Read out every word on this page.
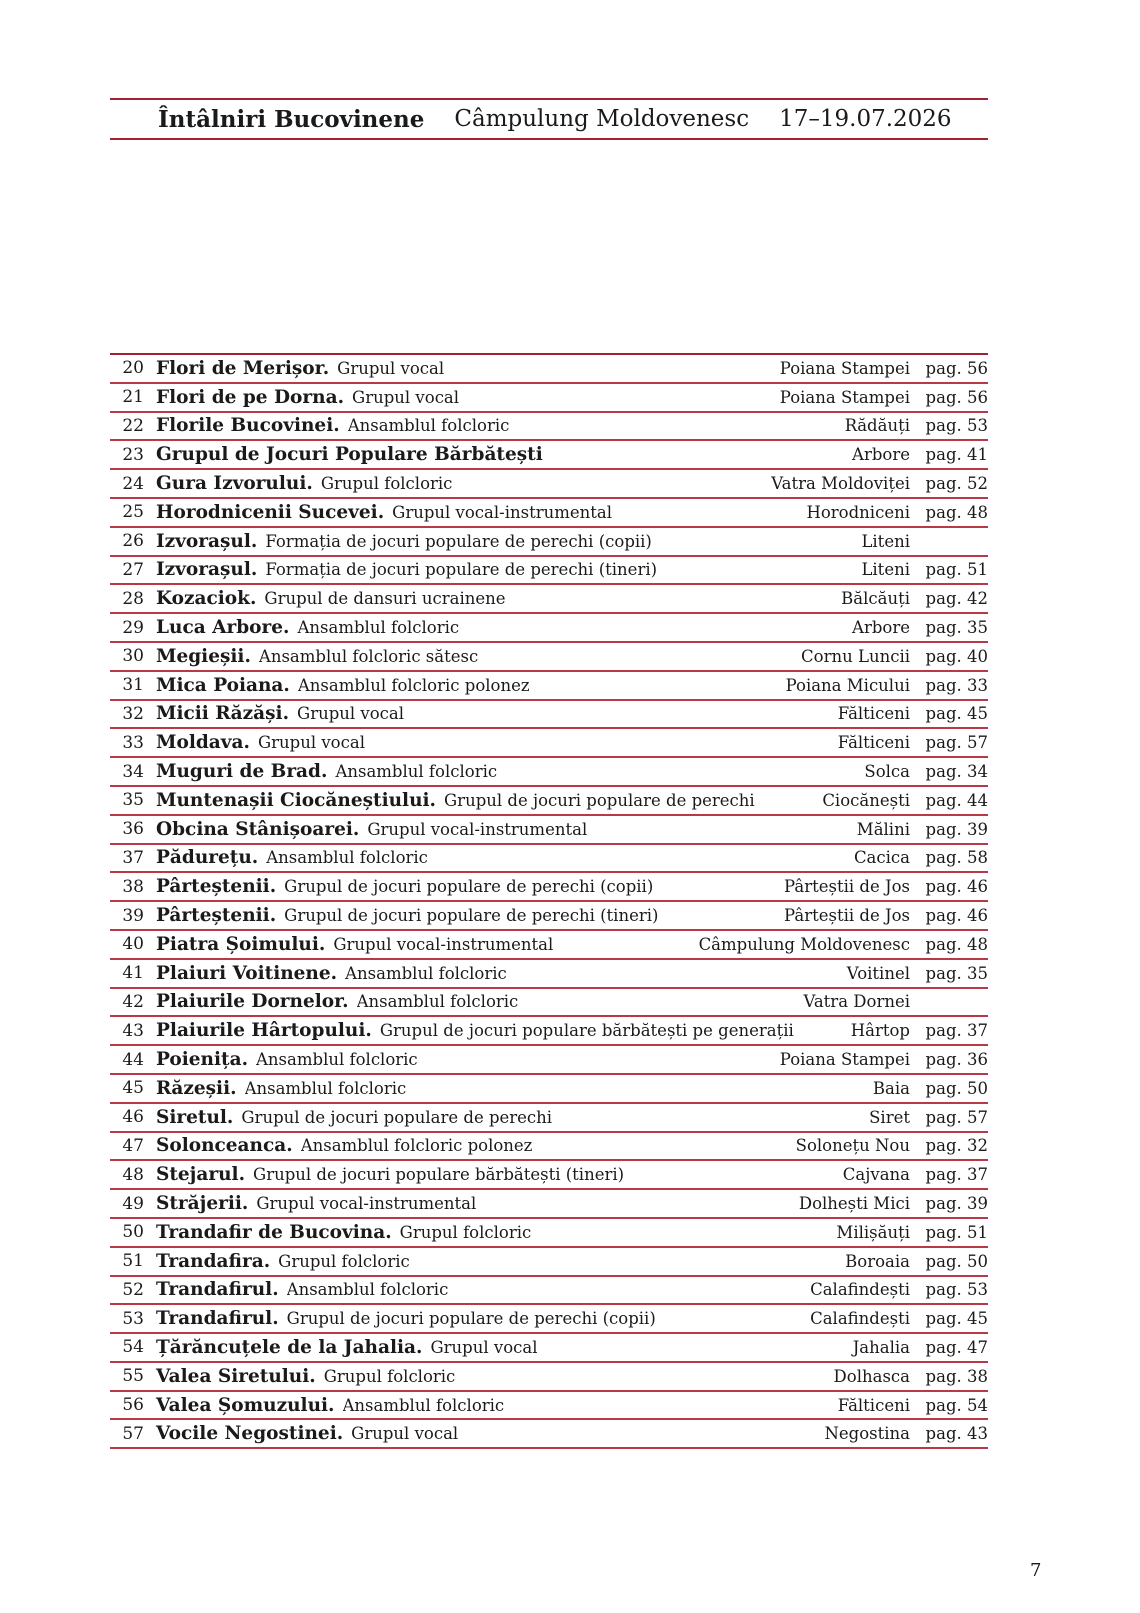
Întâlniri Bucovinene Câmpulung Moldovenesc 17–19.07.2026
20 Flori de Merișor. Grupul vocal	Poiana Stampei pag. 56
21 Flori de pe Dorna. Grupul vocal	Poiana Stampei pag. 56
22 Florile Bucovinei. Ansamblul folcloric	Rădăuți pag. 53
23 Grupul de Jocuri Populare Bărbătești	Arbore pag. 41
24 Gura Izvorului. Grupul folcloric	Vatra Moldoviței pag. 52
25 Horodnicenii Sucevei. Grupul vocal-instrumental	Horodniceni pag. 48
26 Izvorașul. Formația de jocuri populare de perechi (copii)	Liteni
27 Izvorașul. Formația de jocuri populare de perechi (tineri)	Liteni pag. 51
28 Kozaciok. Grupul de dansuri ucrainene	Bălcăuți pag. 42
29 Luca Arbore. Ansamblul folcloric	Arbore pag. 35
30 Megieșii. Ansamblul folcloric sătesc	Cornu Luncii pag. 40
31 Mica Poiana. Ansamblul folcloric polonez	Poiana Micului pag. 33
32 Micii Răzăși. Grupul vocal	Fălticeni pag. 45
33 Moldava. Grupul vocal	Fălticeni pag. 57
34 Muguri de Brad. Ansamblul folcloric	Solca pag. 34
35 Muntenașii Ciocăneștiului. Grupul de jocuri populare de perechi	Ciocănești pag. 44
36 Obcina Stânișoarei. Grupul vocal-instrumental	Mălini pag. 39
37 Pădurețu. Ansamblul folcloric	Cacica pag. 58
38 Pârteștenii. Grupul de jocuri populare de perechi (copii)	Pârteștii de Jos pag. 46
39 Pârteștenii. Grupul de jocuri populare de perechi (tineri)	Pârteștii de Jos pag. 46
40 Piatra Șoimului. Grupul vocal-instrumental	Câmpulung Moldovenesc pag. 48
41 Plaiuri Voitinene. Ansamblul folcloric	Voitinel pag. 35
42 Plaiurile Dornelor. Ansamblul folcloric	Vatra Dornei
43 Plaiurile Hârtopului. Grupul de jocuri populare bărbătești pe generații	Hârtop pag. 37
44 Poienița. Ansamblul folcloric	Poiana Stampei pag. 36
45 Răzeșii. Ansamblul folcloric	Baia pag. 50
46 Siretul. Grupul de jocuri populare de perechi	Siret pag. 57
47 Solonceanca. Ansamblul folcloric polonez	Solonețu Nou pag. 32
48 Stejarul. Grupul de jocuri populare bărbătești (tineri)	Cajvana pag. 37
49 Străjerii. Grupul vocal-instrumental	Dolhești Mici pag. 39
50 Trandafir de Bucovina. Grupul folcloric	Milișăuți pag. 51
51 Trandafira. Grupul folcloric	Boroaia pag. 50
52 Trandafirul. Ansamblul folcloric	Calafindești pag. 53
53 Trandafirul. Grupul de jocuri populare de perechi (copii)	Calafindești pag. 45
54 Țărăncuțele de la Jahalia. Grupul vocal	Jahalia pag. 47
55 Valea Siretului. Grupul folcloric	Dolhasca pag. 38
56 Valea Șomuzului. Ansamblul folcloric	Fălticeni pag. 54
57 Vocile Negostinei. Grupul vocal	Negostina pag. 43
7
